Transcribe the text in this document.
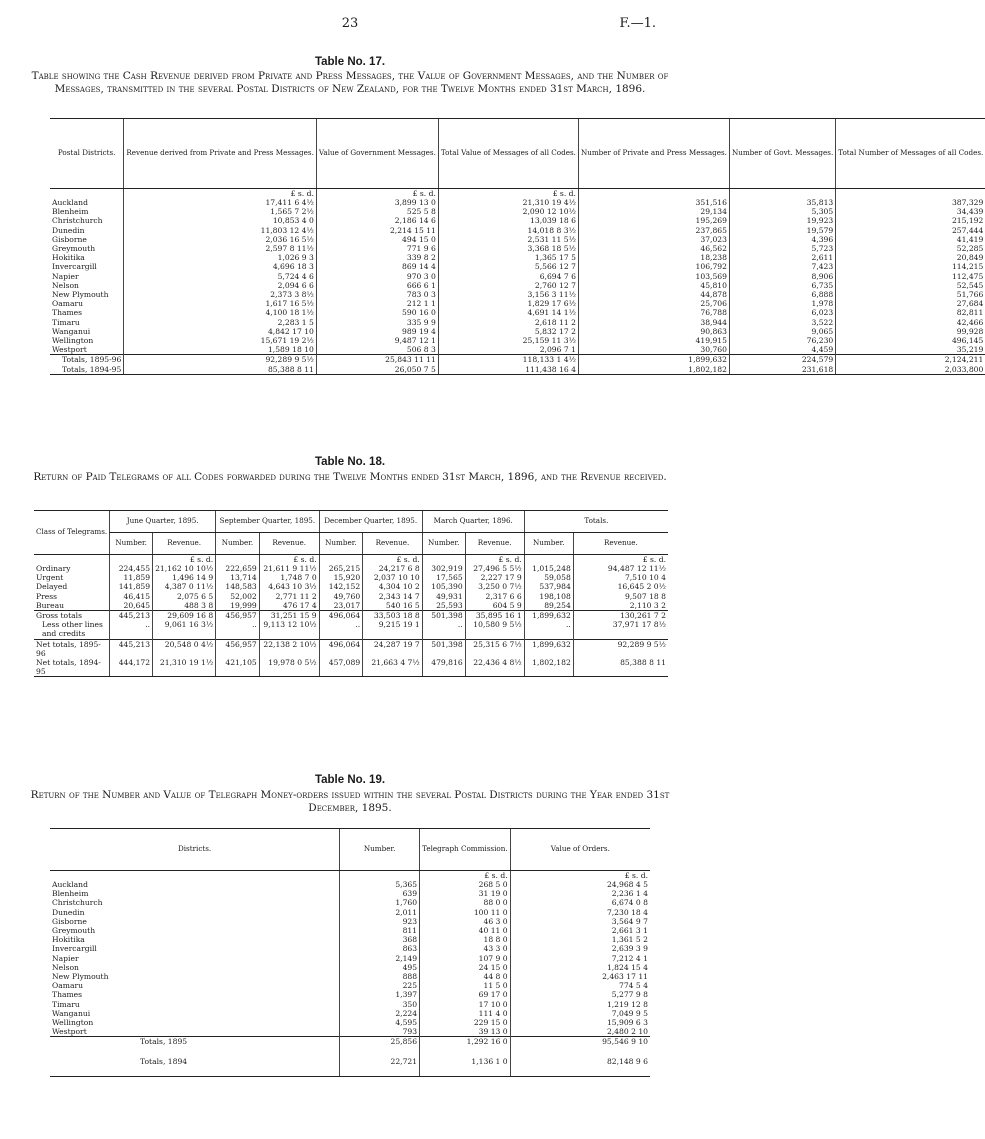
23	F.—1.
Table No. 17.
Table showing the Cash Revenue derived from Private and Press Messages, the Value of Government Messages, and the Number of Messages, transmitted in the several Postal Districts of New Zealand, for the Twelve Months ended 31st March, 1896.
Postal Districts.	Revenue derived from Private and Press Messages.	Value of Government Messages.	Total Value of Messages of all Codes.	Number of Private and Press Messages.	Number of Govt. Messages.	Total Number of Messages of all Codes.
	£ s. d.	£ s. d.	£ s. d.			
Auckland	17,411 6 4½	3,899 13 0	21,310 19 4½	351,516	35,813	387,329
Blenheim	1,565 7 2½	525 5 8	2,090 12 10½	29,134	5,305	34,439
Christchurch	10,853 4 0	2,186 14 6	13,039 18 6	195,269	19,923	215,192
Dunedin	11,803 12 4½	2,214 15 11	14,018 8 3½	237,865	19,579	257,444
Gisborne	2,036 16 5½	494 15 0	2,531 11 5½	37,023	4,396	41,419
Greymouth	2,597 8 11½	771 9 6	3,368 18 5½	46,562	5,723	52,285
Hokitika	1,026 9 3	339 8 2	1,365 17 5	18,238	2,611	20,849
Invercargill	4,696 18 3	869 14 4	5,566 12 7	106,792	7,423	114,215
Napier	5,724 4 6	970 3 0	6,694 7 6	103,569	8,906	112,475
Nelson	2,094 6 6	666 6 1	2,760 12 7	45,810	6,735	52,545
New Plymouth	2,373 3 8½	783 0 3	3,156 3 11½	44,878	6,888	51,766
Oamaru	1,617 16 5½	212 1 1	1,829 17 6½	25,706	1,978	27,684
Thames	4,100 18 1½	590 16 0	4,691 14 1½	76,788	6,023	82,811
Timaru	2,283 1 5	335 9 9	2,618 11 2	38,944	3,522	42,466
Wanganui	4,842 17 10	989 19 4	5,832 17 2	90,863	9,065	99,928
Wellington	15,671 19 2½	9,487 12 1	25,159 11 3½	419,915	76,230	496,145
Westport	1,589 18 10	506 8 3	2,096 7 1	30,760	4,459	35,219
Totals, 1895-96	92,289 9 5½	25,843 11 11	118,133 1 4½	1,899,632	224,579	2,124,211
Totals, 1894-95	85,388 8 11	26,050 7 5	111,438 16 4	1,802,182	231,618	2,033,800
Table No. 18.
Return of Paid Telegrams of all Codes forwarded during the Twelve Months ended 31st March, 1896, and the Revenue received.
Class of Telegrams.	June Quarter, 1895.		September Quarter, 1895.		December Quarter, 1895.		March Quarter, 1896.		Totals.	
	Number.	Revenue.	Number.	Revenue.	Number.	Revenue.	Number.	Revenue.	Number.	Revenue.
		£ s. d.		£ s. d.		£ s. d.		£ s. d.		£ s. d.
Ordinary	224,455	21,162 10 10½	222,659	21,611 9 11½	265,215	24,217 6 8	302,919	27,496 5 5½	1,015,248	94,487 12 11½
Urgent	11,859	1,496 14 9	13,714	1,748 7 0	15,920	2,037 10 10	17,565	2,227 17 9	59,058	7,510 10 4
Delayed	141,859	4,387 0 11½	148,583	4,643 10 3½	142,152	4,304 10 2	105,390	3,250 0 7½	537,984	16,645 2 0½
Press	46,415	2,075 6 5	52,002	2,771 11 2	49,760	2,343 14 7	49,931	2,317 6 6	198,108	9,507 18 8
Bureau	20,645	488 3 8	19,999	476 17 4	23,017	540 16 5	25,593	604 5 9	89,254	2,110 3 2
Gross totals	445,213	29,609 16 8	456,957	31,251 15 9	496,064	33,503 18 8	501,398	35,895 16 1	1,899,632	130,261 7 2
Less other lines and credits	..	9,061 16 3½	..	9,113 12 10½	..	9,215 19 1	..	10,580 9 5½	..	37,971 17 8½
Net totals, 1895-96	445,213	20,548 0 4½	456,957	22,138 2 10½	496,064	24,287 19 7	501,398	25,315 6 7½	1,899,632	92,289 9 5½
Net totals, 1894-95	444,172	21,310 19 1½	421,105	19,978 0 5½	457,089	21,663 4 7½	479,816	22,436 4 8½	1,802,182	85,388 8 11
Table No. 19.
Return of the Number and Value of Telegraph Money-orders issued within the several Postal Districts during the Year ended 31st December, 1895.
Districts.	Number.	Telegraph Commission.	Value of Orders.
		£ s. d.	£ s. d.
Auckland	5,365	268 5 0	24,968 4 5
Blenheim	639	31 19 0	2,236 1 4
Christchurch	1,760	88 0 0	6,674 0 8
Dunedin	2,011	100 11 0	7,230 18 4
Gisborne	923	46 3 0	3,564 9 7
Greymouth	811	40 11 0	2,661 3 1
Hokitika	368	18 8 0	1,361 5 2
Invercargill	863	43 3 0	2,639 3 9
Napier	2,149	107 9 0	7,212 4 1
Nelson	495	24 15 0	1,824 15 4
New Plymouth	888	44 8 0	2,463 17 11
Oamaru	225	11 5 0	774 5 4
Thames	1,397	69 17 0	5,277 9 8
Timaru	350	17 10 0	1,219 12 8
Wanganui	2,224	111 4 0	7,049 9 5
Wellington	4,595	229 15 0	15,909 6 3
Westport	793	39 13 0	2,480 2 10
Totals, 1895	25,856	1,292 16 0	95,546 9 10
Totals, 1894	22,721	1,136 1 0	82,148 9 6
